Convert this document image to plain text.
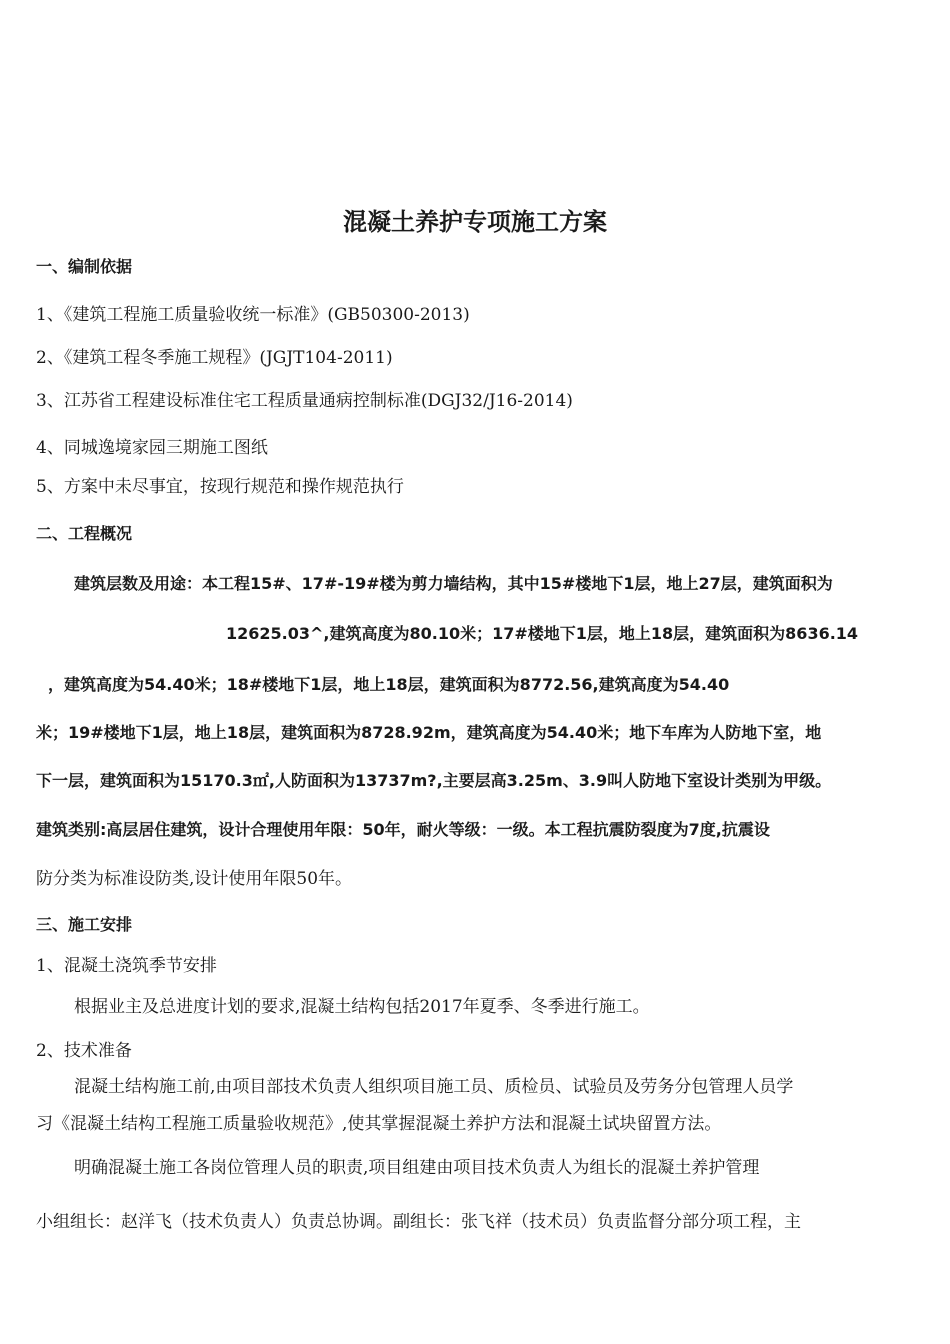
混凝土养护专项施工方案
一、编制依据
1、《建筑工程施工质量验收统一标准》(GB50300-2013)
2、《建筑工程冬季施工规程》(JGJT104-2011)
3、江苏省工程建设标准住宅工程质量通病控制标准(DGJ32/J16-2014)
4、同城逸境家园三期施工图纸
5、方案中未尽事宜，按现行规范和操作规范执行
二、工程概况
建筑层数及用途：本工程15#、17#-19#楼为剪力墙结构，其中15#楼地下1层，地上27层，建筑面积为
12625.03^,建筑高度为80.10米；17#楼地下1层，地上18层，建筑面积为8636.14
，建筑高度为54.40米；18#楼地下1层，地上18层，建筑面积为8772.56,建筑高度为54.40
米；19#楼地下1层，地上18层，建筑面积为8728.92m，建筑高度为54.40米；地下车库为人防地下室，地
下一层，建筑面积为15170.3㎡,人防面积为13737m?,主要层高3.25m、3.9叫人防地下室设计类别为甲级。
建筑类别:高层居住建筑，设计合理使用年限：50年，耐火等级：一级。本工程抗震防裂度为7度,抗震设
防分类为标准设防类,设计使用年限50年。
三、施工安排
1、混凝土浇筑季节安排
根据业主及总进度计划的要求,混凝土结构包括2017年夏季、冬季进行施工。
2、技术准备
混凝土结构施工前,由项目部技术负责人组织项目施工员、质检员、试验员及劳务分包管理人员学
习《混凝土结构工程施工质量验收规范》,使其掌握混凝土养护方法和混凝土试块留置方法。
明确混凝土施工各岗位管理人员的职责,项目组建由项目技术负责人为组长的混凝土养护管理
小组组长：赵洋飞（技术负责人）负责总协调。副组长：张飞祥（技术员）负责监督分部分项工程，主
